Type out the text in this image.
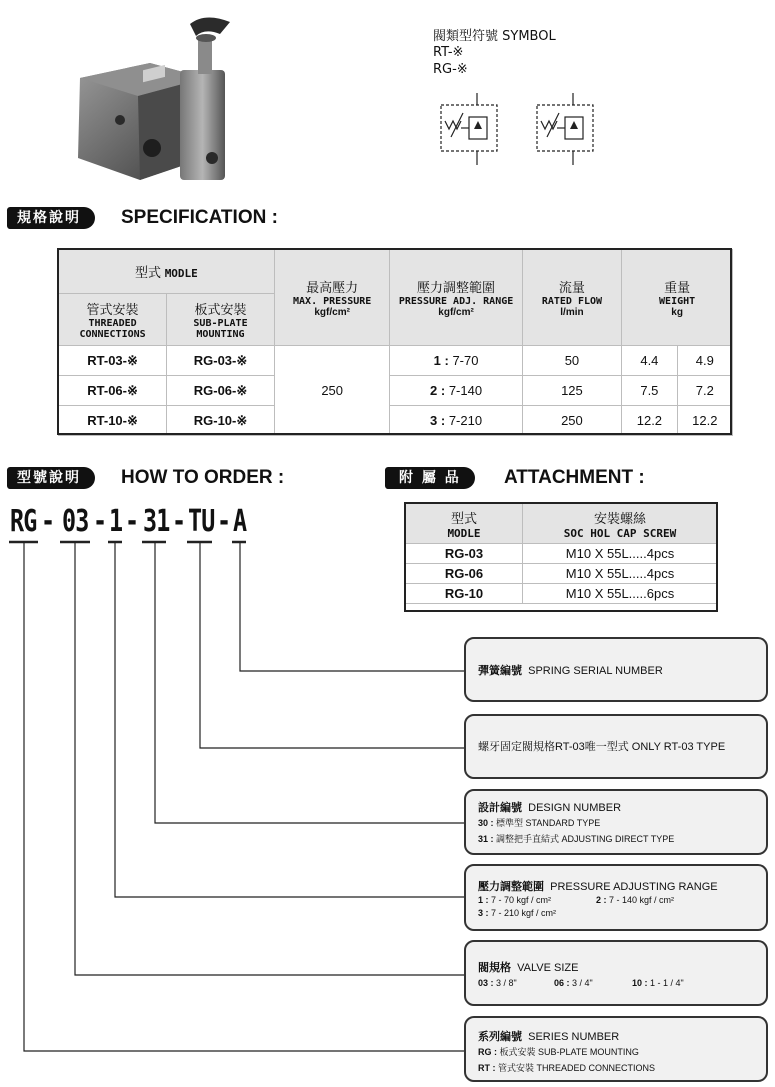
閥類型符號 SYMBOL
RT-※
RG-※
規格說明	SPECIFICATION :
型式 MODLE		最高壓力
MAX. PRESSURE
kgf/cm²	壓力調整範圍
PRESSURE ADJ. RANGE
kgf/cm²	流量
RATED FLOW
l/min	重量
WEIGHT
kg	

管式安裝
THREADED
CONNECTIONS	板式安裝
SUB-PLATE
MOUNTING					

RT-03-※	RG-03-※	250	1 : 7-70	50	4.4	4.9
RT-06-※	RG-06-※		2 : 7-140	125	7.5	7.2
RT-10-※	RG-10-※		3 : 7-210	250	12.2	12.2
型號說明	HOW TO ORDER :	附 屬 品	ATTACHMENT :
型式
MODLE	安裝螺絲
SOC HOL CAP SCREW

RG-03	M10 X 55L.....4pcs
RG-06	M10 X 55L.....4pcs
RG-10	M10 X 55L.....6pcs
RG - 03 - 1 - 31 - TU - A
彈簧編號 SPRING SERIAL NUMBER
螺牙固定閥規格RT-03唯一型式 ONLY RT-03 TYPE
設計編號 DESIGN NUMBER
30 : 標準型 STANDARD TYPE
31 : 調整把手直結式 ADJUSTING DIRECT TYPE
壓力調整範圍 PRESSURE ADJUSTING RANGE
1 : 7 - 70 kgf / cm²	2 : 7 - 140 kgf / cm²
3 : 7 - 210 kgf / cm²
閥規格 VALVE SIZE
03 : 3 / 8"	06 : 3 / 4"	10 : 1 - 1 / 4"
系列編號 SERIES NUMBER
RG : 板式安裝 SUB-PLATE MOUNTING
RT : 管式安裝 THREADED CONNECTIONS
